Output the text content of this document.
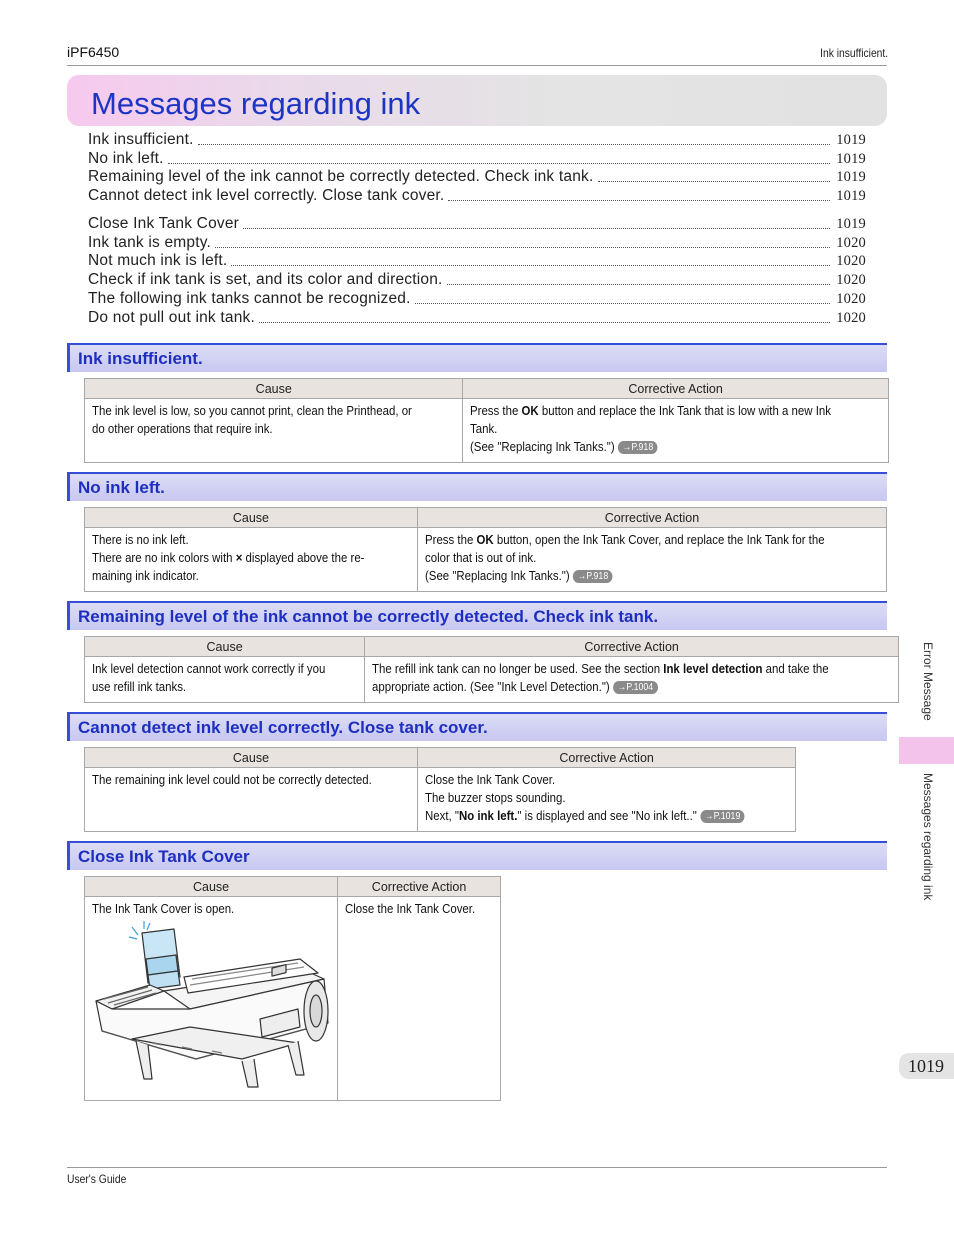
iPF6450	Ink insufficient.
Messages regarding ink
Ink insufficient.	1019
No ink left.	1019
Remaining level of the ink cannot be correctly detected. Check ink tank.	1019
Cannot detect ink level correctly. Close tank cover.	1019
Close Ink Tank Cover	1019
Ink tank is empty.	1020
Not much ink is left.	1020
Check if ink tank is set, and its color and direction.	1020
The following ink tanks cannot be recognized.	1020
Do not pull out ink tank.	1020
Ink insufficient.
Cause	Corrective Action
The ink level is low, so you cannot print, clean the Printhead, or
do other operations that require ink.	Press the OK button and replace the Ink Tank that is low with a new Ink
Tank.
(See "Replacing Ink Tanks.") →P.918
No ink left.
Cause	Corrective Action
There is no ink left.
There are no ink colors with × displayed above the re-
maining ink indicator.	Press the OK button, open the Ink Tank Cover, and replace the Ink Tank for the
color that is out of ink.
(See "Replacing Ink Tanks.") →P.918
Remaining level of the ink cannot be correctly detected. Check ink tank.
Cause	Corrective Action
Ink level detection cannot work correctly if you
use refill ink tanks.	The refill ink tank can no longer be used. See the section Ink level detection and take the
appropriate action. (See "Ink Level Detection.") →P.1004
Cannot detect ink level correctly. Close tank cover.
Cause	Corrective Action
The remaining ink level could not be correctly detected.	Close the Ink Tank Cover.
The buzzer stops sounding.
Next, "No ink left." is displayed and see "No ink left.." →P.1019
Close Ink Tank Cover
Cause	Corrective Action
The Ink Tank Cover is open.	Close the Ink Tank Cover.
Error Message
Messages regarding ink
1019
User's Guide
